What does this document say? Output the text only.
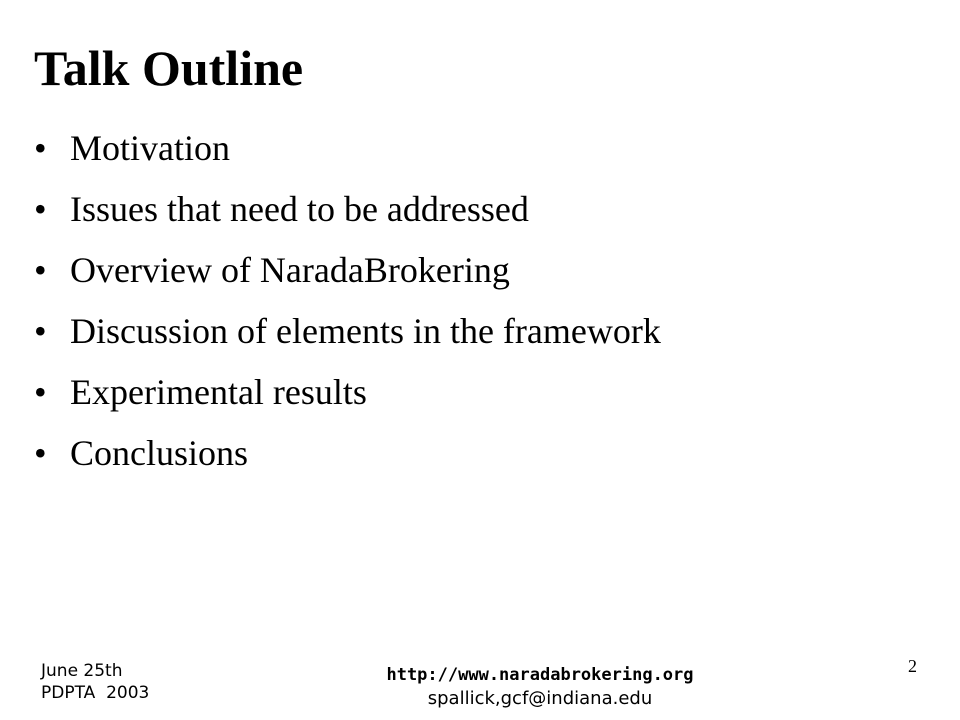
Talk Outline
• Motivation
• Issues that need to be addressed
• Overview of NaradaBrokering
• Discussion of elements in the framework
• Experimental results
• Conclusions
June 25th
PDPTA  2003
http://www.naradabrokering.org
spallick,gcf@indiana.edu
2
